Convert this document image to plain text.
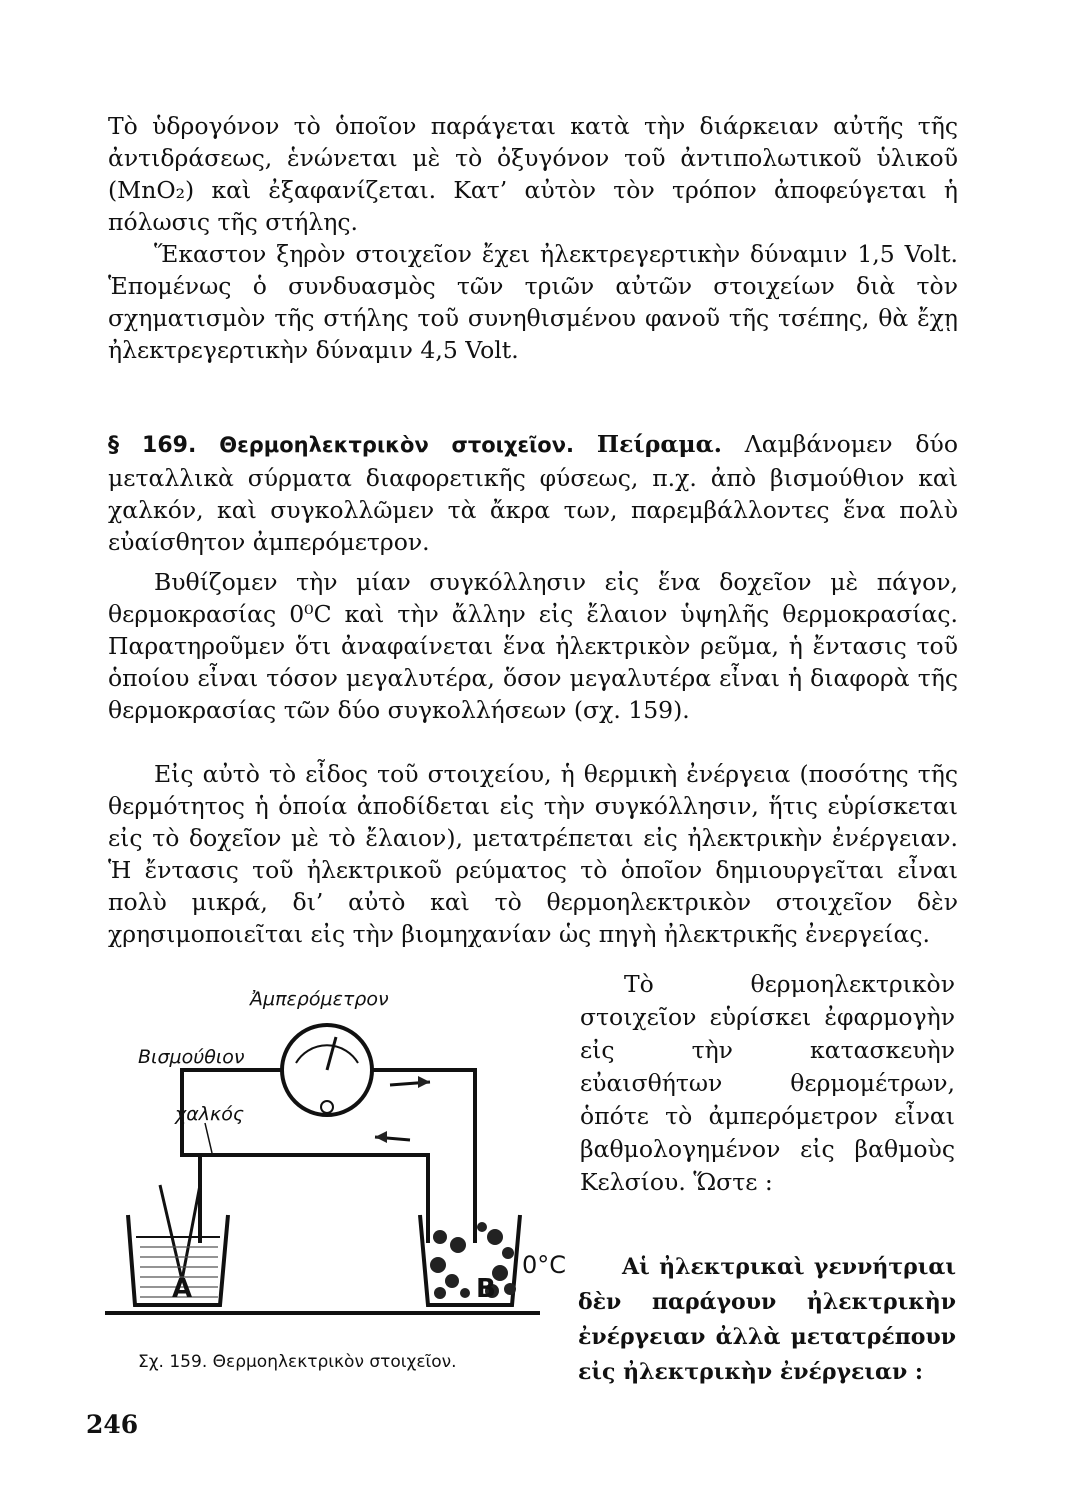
Τὸ ὑδρογόνον τὸ ὁποῖον παράγεται κατὰ τὴν διάρκειαν αὐτῆς τῆς ἀντιδράσεως, ἑνώνεται μὲ τὸ ὀξυγόνον τοῦ ἀντιπολωτικοῦ ὑλικοῦ (MnO₂) καὶ ἐξαφανίζεται. Κατ’ αὐτὸν τὸν τρόπον ἀποφεύγεται ἡ πόλωσις τῆς στήλης.

Ἕκαστον ξηρὸν στοιχεῖον ἔχει ἠλεκτρεγερτικὴν δύναμιν 1,5 Volt. Ἑπομένως ὁ συνδυασμὸς τῶν τριῶν αὐτῶν στοιχείων διὰ τὸν σχηματισμὸν τῆς στήλης τοῦ συνηθισμένου φανοῦ τῆς τσέπης, θὰ ἔχῃ ἠλεκτρεγερτικὴν δύναμιν 4,5 Volt.

§ 169. Θερμοηλεκτρικὸν στοιχεῖον. Πείραμα. Λαμβάνομεν δύο μεταλλικὰ σύρματα διαφορετικῆς φύσεως, π.χ. ἀπὸ βισμούθιον καὶ χαλκόν, καὶ συγκολλῶμεν τὰ ἄκρα των, παρεμβάλλοντες ἕνα πολὺ εὐαίσθητον ἀμπερόμετρον.

Βυθίζομεν τὴν μίαν συγκόλλησιν εἰς ἕνα δοχεῖον μὲ πάγον, θερμοκρασίας 0⁰C καὶ τὴν ἄλλην εἰς ἔλαιον ὑψηλῆς θερμοκρασίας. Παρατηροῦμεν ὅτι ἀναφαίνεται ἕνα ἠλεκτρικὸν ρεῦμα, ἡ ἔντασις τοῦ ὁποίου εἶναι τόσον μεγαλυτέρα, ὅσον μεγαλυτέρα εἶναι ἡ διαφορὰ τῆς θερμοκρασίας τῶν δύο συγκολλήσεων (σχ. 159).

Εἰς αὐτὸ τὸ εἶδος τοῦ στοιχείου, ἡ θερμικὴ ἐνέργεια (ποσότης τῆς θερμότητος ἡ ὁποία ἀποδίδεται εἰς τὴν συγκόλλησιν, ἥτις εὑρίσκεται εἰς τὸ δοχεῖον μὲ τὸ ἔλαιον), μετατρέπεται εἰς ἠλεκτρικὴν ἐνέργειαν. Ἡ ἔντασις τοῦ ἠλεκτρικοῦ ρεύματος τὸ ὁποῖον δημιουργεῖται εἶναι πολὺ μικρά, δι’ αὐτὸ καὶ τὸ θερμοηλεκτρικὸν στοιχεῖον δὲν χρησιμοποιεῖται εἰς τὴν βιομηχανίαν ὡς πηγὴ ἠλεκτρικῆς ἐνεργείας.

Τὸ θερμοηλεκτρικὸν στοιχεῖον εὑρίσκει ἐφαρμογὴν εἰς τὴν κατασκευὴν εὐαισθήτων θερμομέτρων, ὁπότε τὸ ἀμπερόμετρον εἶναι βαθμολογημένον εἰς βαθμοὺς Κελσίου. Ὥστε :

Αἱ ἠλεκτρικαὶ γεννήτριαι δὲν παράγουν ἠλεκτρικὴν ἐνέργειαν ἀλλὰ μετατρέπουν εἰς ἠλεκτρικὴν ἐνέργειαν :

Ἀμπερόμετρον
Βισμούθιον
χαλκός
A	B
0°C
Σχ. 159. Θερμοηλεκτρικὸν στοιχεῖον.
246
